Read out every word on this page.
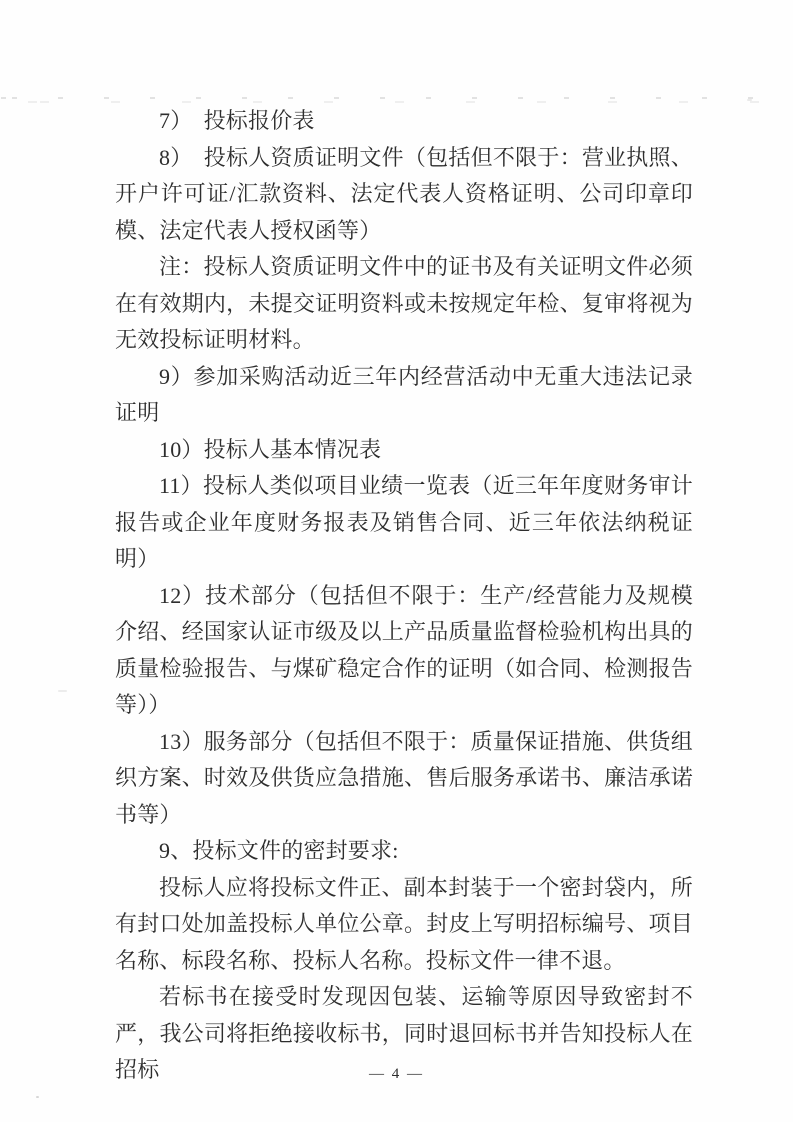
7）　投标报价表

8）　投标人资质证明文件（包括但不限于：营业执照、开户许可证/汇款资料、法定代表人资格证明、公司印章印模、法定代表人授权函等）

注：投标人资质证明文件中的证书及有关证明文件必须在有效期内，未提交证明资料或未按规定年检、复审将视为无效投标证明材料。

9）参加采购活动近三年内经营活动中无重大违法记录证明

10）投标人基本情况表

11）投标人类似项目业绩一览表（近三年年度财务审计报告或企业年度财务报表及销售合同、近三年依法纳税证明）

12）技术部分（包括但不限于：生产/经营能力及规模介绍、经国家认证市级及以上产品质量监督检验机构出具的质量检验报告、与煤矿稳定合作的证明（如合同、检测报告等））

13）服务部分（包括但不限于：质量保证措施、供货组织方案、时效及供货应急措施、售后服务承诺书、廉洁承诺书等）

9、投标文件的密封要求:

投标人应将投标文件正、副本封装于一个密封袋内，所有封口处加盖投标人单位公章。封皮上写明招标编号、项目名称、标段名称、投标人名称。投标文件一律不退。

若标书在接受时发现因包装、运输等原因导致密封不严，我公司将拒绝接收标书，同时退回标书并告知投标人在招标	— 4 —
